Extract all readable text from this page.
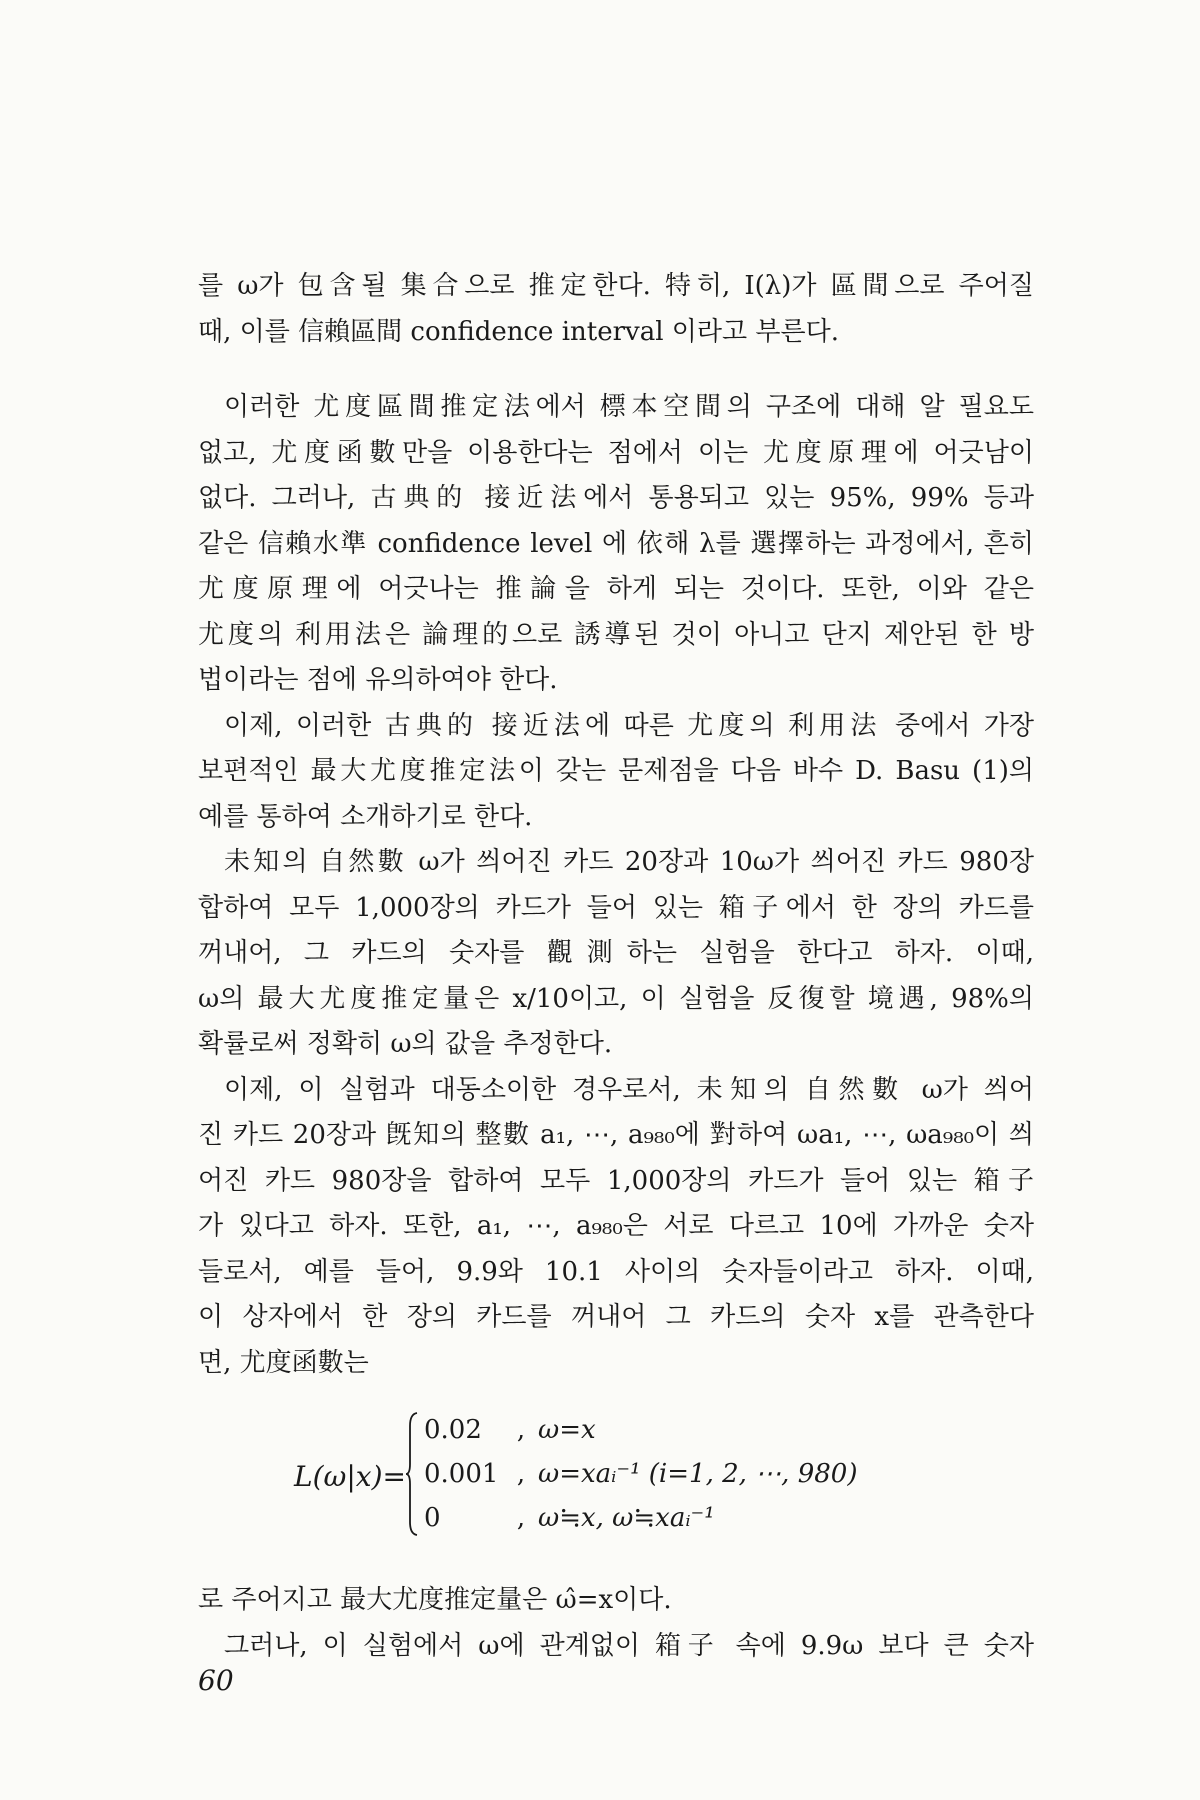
를 ω가 包含될 集合으로 推定한다. 特히, I(λ)가 區間으로 주어질
때, 이를 信賴區間 confidence interval 이라고 부른다.
이러한 尤度區間推定法에서 標本空間의 구조에 대해 알 필요도
없고, 尤度函數만을 이용한다는 점에서 이는 尤度原理에 어긋남이
없다. 그러나, 古典的 接近法에서 통용되고 있는 95%, 99% 등과
같은 信賴水準 confidence level 에 依해 λ를 選擇하는 과정에서, 흔히
尤度原理에 어긋나는 推論을 하게 되는 것이다. 또한, 이와 같은
尤度의 利用法은 論理的으로 誘導된 것이 아니고 단지 제안된 한 방
법이라는 점에 유의하여야 한다.
이제, 이러한 古典的 接近法에 따른 尤度의 利用法 중에서 가장
보편적인 最大尤度推定法이 갖는 문제점을 다음 바수 D. Basu (1)의
예를 통하여 소개하기로 한다.
未知의 自然數 ω가 씌어진 카드 20장과 10ω가 씌어진 카드 980장
합하여 모두 1,000장의 카드가 들어 있는 箱子에서 한 장의 카드를
꺼내어, 그 카드의 숫자를 觀測하는 실험을 한다고 하자. 이때,
ω의 最大尤度推定量은 x/10이고, 이 실험을 反復할 境遇, 98%의
확률로써 정확히 ω의 값을 추정한다.
이제, 이 실험과 대동소이한 경우로서, 未知의 自然數 ω가 씌어
진 카드 20장과 旣知의 整數 a₁, ⋯, a₉₈₀에 對하여 ωa₁, ⋯, ωa₉₈₀이 씌
어진 카드 980장을 합하여 모두 1,000장의 카드가 들어 있는 箱子
가 있다고 하자. 또한, a₁, ⋯, a₉₈₀은 서로 다르고 10에 가까운 숫자
들로서, 예를 들어, 9.9와 10.1 사이의 숫자들이라고 하자. 이때,
이 상자에서 한 장의 카드를 꺼내어 그 카드의 숫자 x를 관측한다
면, 尤度函數는
L(ω|x)=
0.02 , ω=x
0.001 , ω=xaᵢ⁻¹ (i=1, 2, ⋯, 980)
0	, ω≒x, ω≒xaᵢ⁻¹
로 주어지고 最大尤度推定量은 ω̂=x이다.
그러나, 이 실험에서 ω에 관계없이 箱子 속에 9.9ω 보다 큰 숫자
60
